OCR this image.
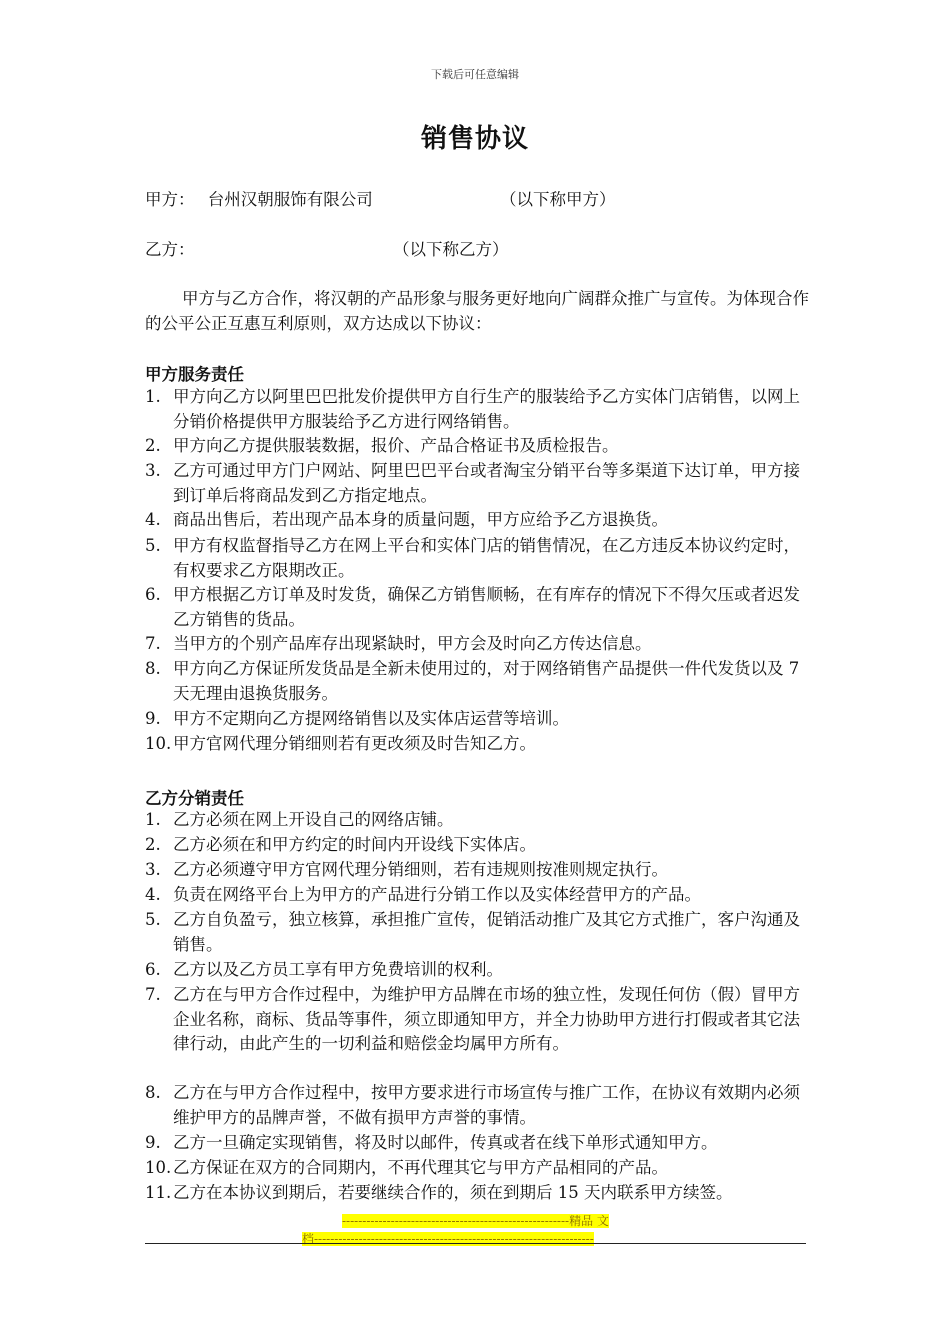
下载后可任意编辑
销售协议
甲方： 台州汉朝服饰有限公司	（以下称甲方）
乙方：	（以下称乙方）
甲方与乙方合作，将汉朝的产品形象与服务更好地向广阔群众推广与宣传。为体现合作的公平公正互惠互利原则，双方达成以下协议：
甲方服务责任
1. 甲方向乙方以阿里巴巴批发价提供甲方自行生产的服装给予乙方实体门店销售，以网上分销价格提供甲方服装给予乙方进行网络销售。
2. 甲方向乙方提供服装数据，报价、产品合格证书及质检报告。
3. 乙方可通过甲方门户网站、阿里巴巴平台或者淘宝分销平台等多渠道下达订单，甲方接到订单后将商品发到乙方指定地点。
4. 商品出售后，若出现产品本身的质量问题，甲方应给予乙方退换货。
5. 甲方有权监督指导乙方在网上平台和实体门店的销售情况，在乙方违反本协议约定时，有权要求乙方限期改正。
6. 甲方根据乙方订单及时发货，确保乙方销售顺畅，在有库存的情况下不得欠压或者迟发乙方销售的货品。
7. 当甲方的个别产品库存出现紧缺时，甲方会及时向乙方传达信息。
8. 甲方向乙方保证所发货品是全新未使用过的，对于网络销售产品提供一件代发货以及 7 天无理由退换货服务。
9. 甲方不定期向乙方提网络销售以及实体店运营等培训。
10. 甲方官网代理分销细则若有更改须及时告知乙方。
乙方分销责任
1. 乙方必须在网上开设自己的网络店铺。
2. 乙方必须在和甲方约定的时间内开设线下实体店。
3. 乙方必须遵守甲方官网代理分销细则，若有违规则按准则规定执行。
4. 负责在网络平台上为甲方的产品进行分销工作以及实体经营甲方的产品。
5. 乙方自负盈亏，独立核算，承担推广宣传，促销活动推广及其它方式推广，客户沟通及销售。
6. 乙方以及乙方员工享有甲方免费培训的权利。
7. 乙方在与甲方合作过程中，为维护甲方品牌在市场的独立性，发现任何仿（假）冒甲方企业名称，商标、货品等事件，须立即通知甲方，并全力协助甲方进行打假或者其它法律行动，由此产生的一切利益和赔偿金均属甲方所有。
8. 乙方在与甲方合作过程中，按甲方要求进行市场宣传与推广工作，在协议有效期内必须维护甲方的品牌声誉，不做有损甲方声誉的事情。
9. 乙方一旦确定实现销售，将及时以邮件，传真或者在线下单形式通知甲方。
10. 乙方保证在双方的合同期内，不再代理其它与甲方产品相同的产品。
11. 乙方在本协议到期后，若要继续合作的，须在到期后 15 天内联系甲方续签。
--------------------------------------------------------精品 文
档---------------------------------------------------------------------
